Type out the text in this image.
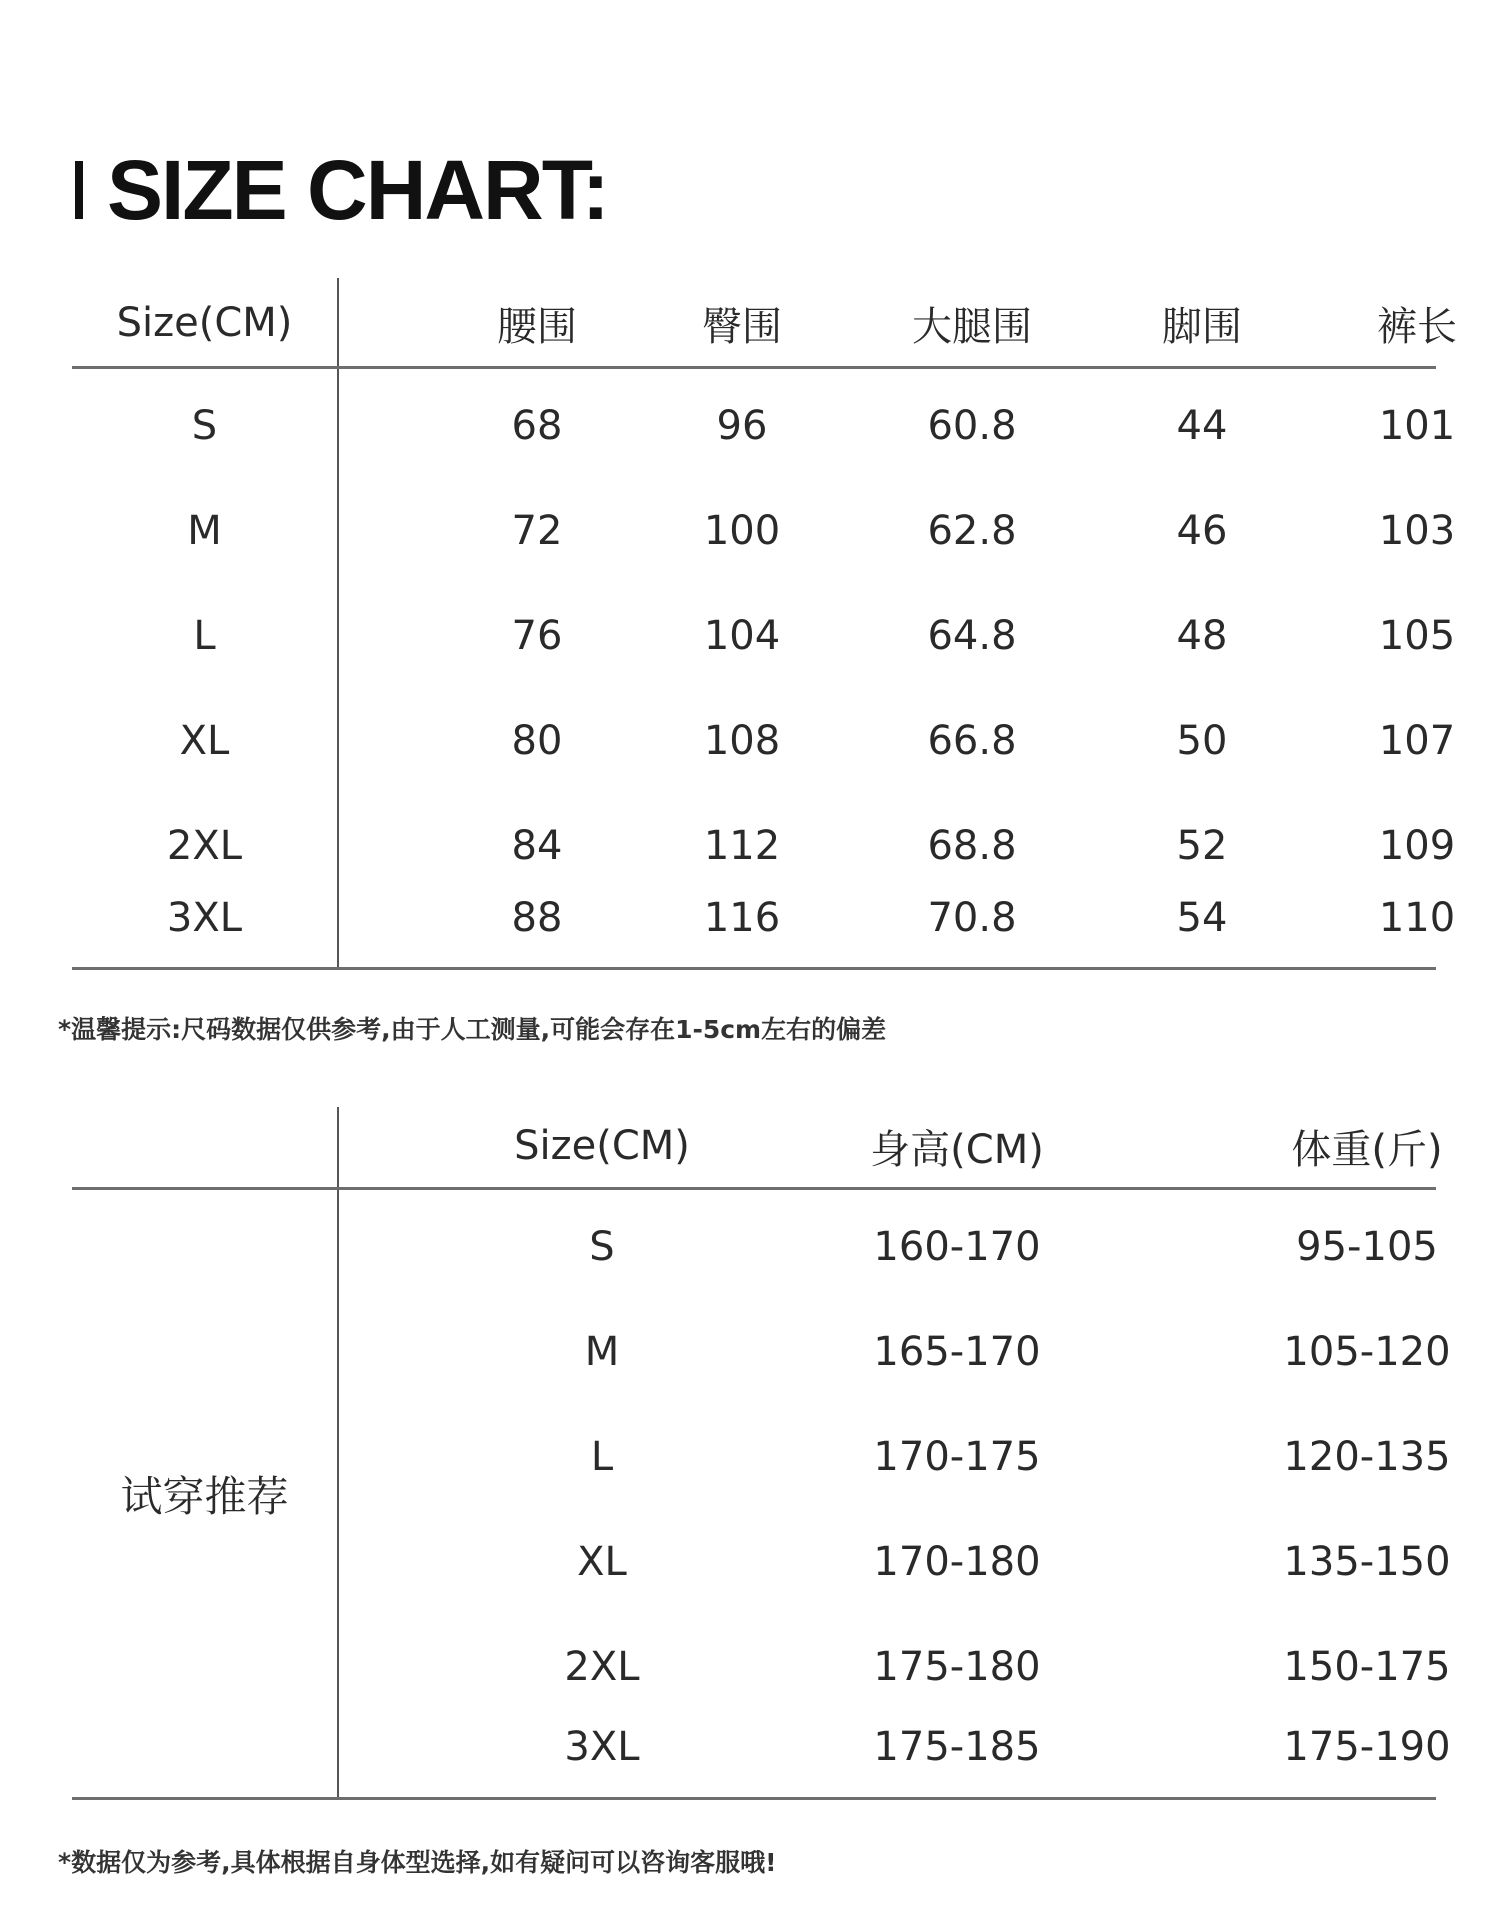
SIZE CHART:
Size(CM)	腰围	臀围	大腿围	脚围	裤长
S	68	96	60.8	44	101
M	72	100	62.8	46	103
L	76	104	64.8	48	105
XL	80	108	66.8	50	107
2XL	84	112	68.8	52	109
3XL	88	116	70.8	54	110
*温馨提示:尺码数据仅供参考,由于人工测量,可能会存在1-5cm左右的偏差
Size(CM)	身高(CM)	体重(斤)
试穿推荐
S	160-170	95-105
M	165-170	105-120
L	170-175	120-135
XL	170-180	135-150
2XL	175-180	150-175
3XL	175-185	175-190
*数据仅为参考,具体根据自身体型选择,如有疑问可以咨询客服哦!
